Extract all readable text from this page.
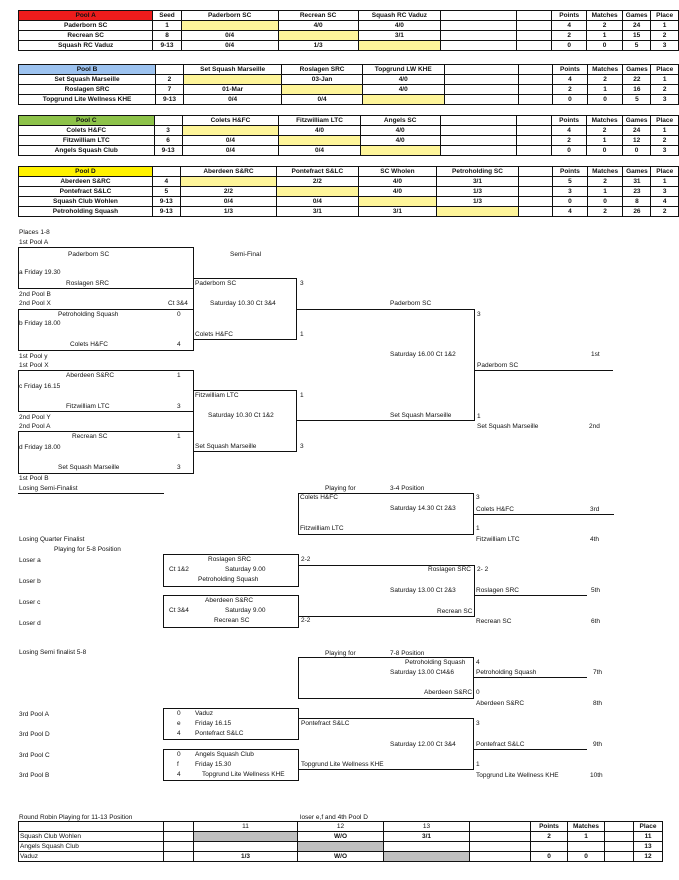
Pool A	Seed	Paderborn SC	Recrean SC	Squash RC Vaduz			Points	Matches	Games	Place
Paderborn SC	1		4/0	4/0			4	2	24	1
Recrean SC	8	0/4		3/1			2	1	15	2
Squash RC Vaduz	9-13	0/4	1/3				0	0	5	3
Pool B		Set Squash Marseille	Roslagen SRC	Topgrund LW KHE			Points	Matches	Games	Place
Set Squash Marseille	2		03-Jan	4/0			4	2	22	1
Roslagen SRC	7	01-Mar		4/0			2	1	16	2
Topgrund Lite Wellness KHE	9-13	0/4	0/4				0	0	5	3
Pool C		Colets H&FC	Fitzwilliam LTC	Angels SC			Points	Matches	Games	Place
Colets H&FC	3		4/0	4/0			4	2	24	1
Fitzwilliam LTC	6	0/4		4/0			2	1	12	2
Angels Squash Club	9-13	0/4	0/4				0	0	0	3
Pool D		Aberdeen S&RC	Pontefract S&LC	SC Wholen	Petroholding SC		Points	Matches	Games	Place
Aberdeen S&RC	4		2/2	4/0	3/1		5	2	31	1
Pontefract S&LC	5	2/2		4/0	1/3		3	1	23	3
Squash Club Wohlen	9-13	0/4	0/4		1/3		0	0	8	4
Petroholding Squash	9-13	1/3	3/1	3/1			4	2	26	2
Places 1-8
1st Pool A
Paderborn SC
a Friday 19.30
Roslagen SRC
2nd Pool B
2nd Pool X	Ct 3&4
Petroholding Squash	0
b Friday 18.00
Colets H&FC	4
1st Pool y
1st Pool X
Aberdeen S&RC	1
c Friday 16.15
Fitzwilliam LTC	3
2nd Pool Y
2nd Pool A
Recrean SC	1
d Friday 18.00
Set Squash Marseille	3
1st Pool B
Semi-Final
Paderborn SC	3
Saturday 10.30 Ct 3&4
Colets H&FC	1
Fitzwilliam LTC	1
Saturday 10.30 Ct 1&2
Set Squash Marseille	3
Paderborn SC
3
Saturday 16.00 Ct 1&2
Set Squash Marseille	1
1st
Paderborn SC
Set Squash Marseille	2nd
Losing Semi-Finalist	Playing for	3-4 Position
Colets H&FC
Saturday 14.30 Ct 2&3
Fitzwilliam LTC
3
1
Colets H&FC	3rd
Fitzwilliam LTC	4th
Losing Quarter Finalist
Playing for 5-8 Position
Loser a
Loser b
Loser c
Loser d
Roslagen SRC
Ct 1&2	Saturday 9.00
Petroholding Squash
2-2
Aberdeen S&RC
Ct 3&4	Saturday 9.00
Recrean SC	2-2
Roslagen SRC 2- 2
Saturday 13.00 Ct 2&3
Recrean SC
Roslagen SRC	5th
Recrean SC	6th
Losing Semi finalist 5-8	Playing for	7-8 Position
Petroholding Squash
Saturday 13.00 Ct4&6
Aberdeen S&RC
4
0
Petroholding Squash	7th
Aberdeen S&RC	8th
3rd Pool A
3rd Pool D
3rd Pool C
3rd Pool B
0 Vaduz
e Friday 16.15
4 Pontefract S&LC
0 Angels Squash Club
f Friday 15.30
4	Topgrund Lite Wellness KHE
Pontefract S&LC
Saturday 12.00 Ct 3&4
Topgrund Lite Wellness KHE
3
1
Pontefract S&LC	9th
Topgrund Lite Wellness KHE	10th
Round Robin Playing for 11-13 Position	loser e,f and 4th Pool D
		11	12	13		Points	Matches		Place
Squash Club Wohlen			W/O	3/1		2	1		11
Angels Squash Club									13
Vaduz		1/3	W/O			0	0		12
